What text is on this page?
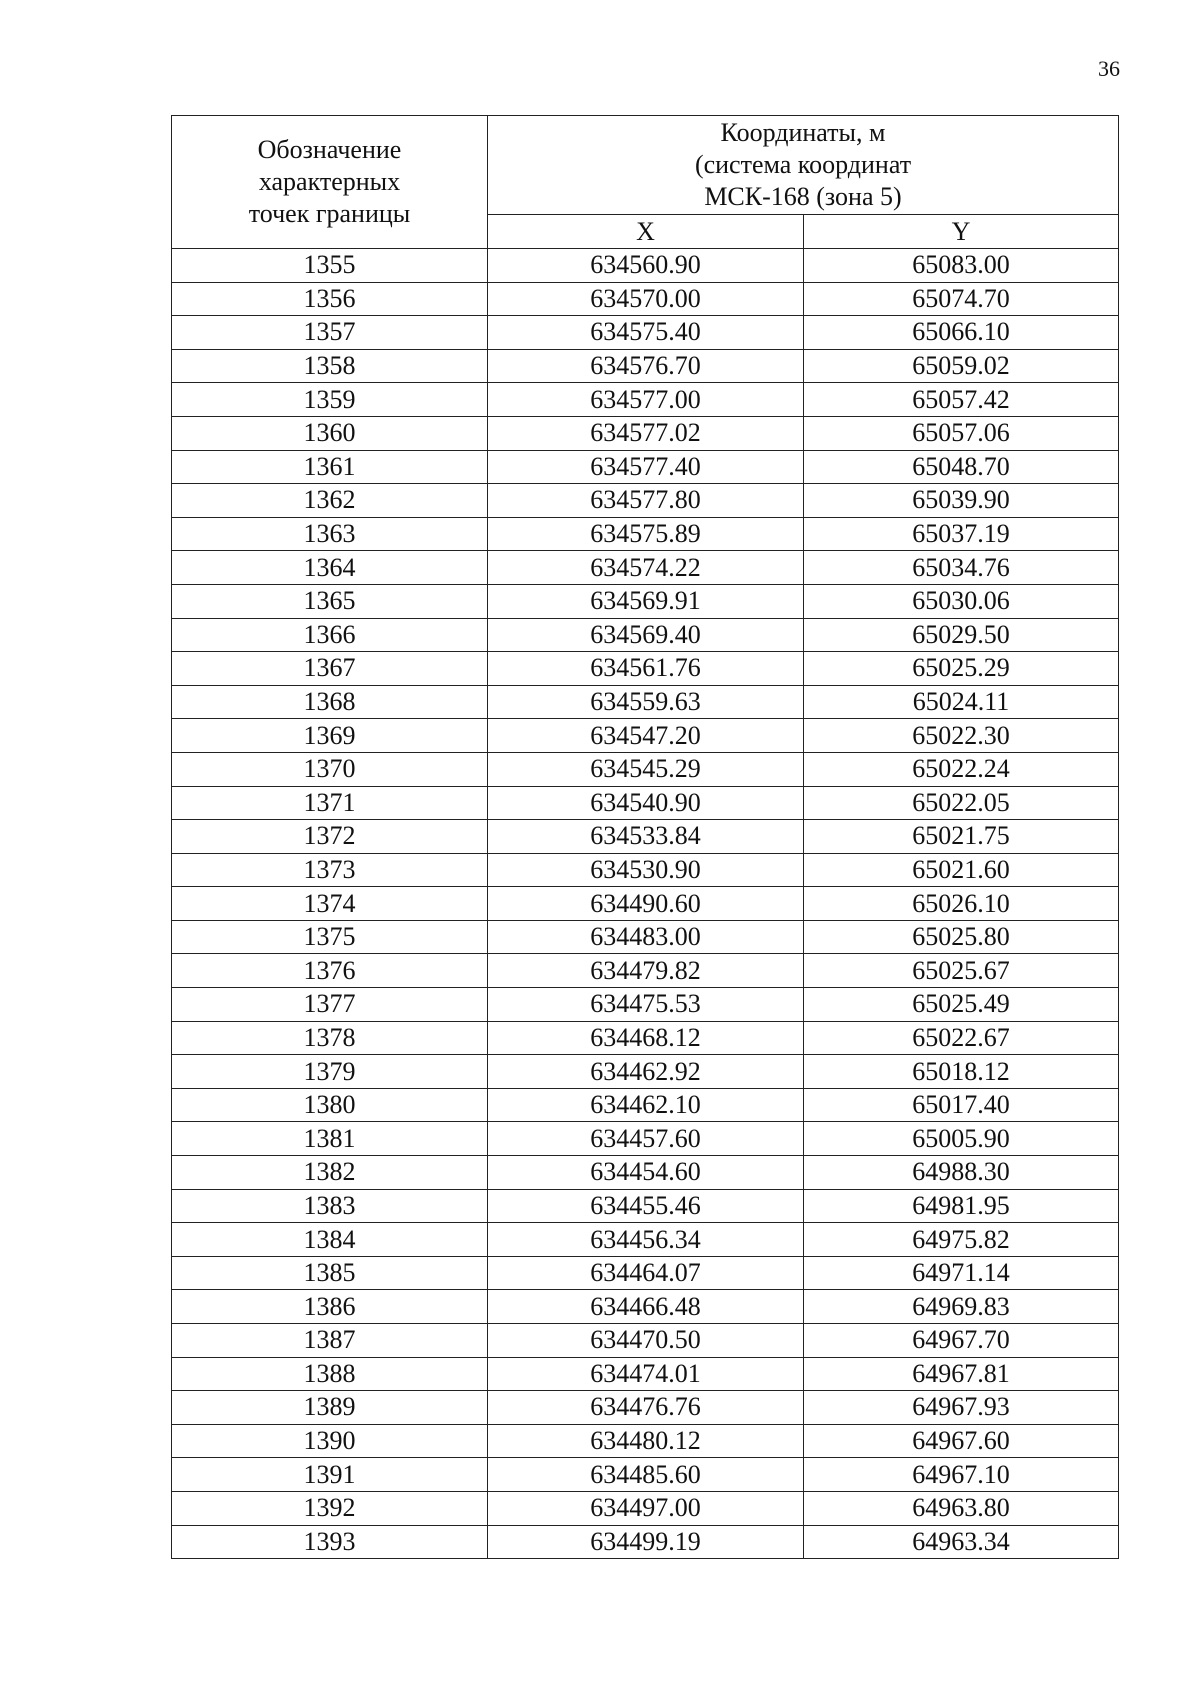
36
Обозначение
характерных
точек границы	Координаты, м
(система координат
МСК-168 (зона 5)	

	X	Y
1355	634560.90	65083.00
1356	634570.00	65074.70
1357	634575.40	65066.10
1358	634576.70	65059.02
1359	634577.00	65057.42
1360	634577.02	65057.06
1361	634577.40	65048.70
1362	634577.80	65039.90
1363	634575.89	65037.19
1364	634574.22	65034.76
1365	634569.91	65030.06
1366	634569.40	65029.50
1367	634561.76	65025.29
1368	634559.63	65024.11
1369	634547.20	65022.30
1370	634545.29	65022.24
1371	634540.90	65022.05
1372	634533.84	65021.75
1373	634530.90	65021.60
1374	634490.60	65026.10
1375	634483.00	65025.80
1376	634479.82	65025.67
1377	634475.53	65025.49
1378	634468.12	65022.67
1379	634462.92	65018.12
1380	634462.10	65017.40
1381	634457.60	65005.90
1382	634454.60	64988.30
1383	634455.46	64981.95
1384	634456.34	64975.82
1385	634464.07	64971.14
1386	634466.48	64969.83
1387	634470.50	64967.70
1388	634474.01	64967.81
1389	634476.76	64967.93
1390	634480.12	64967.60
1391	634485.60	64967.10
1392	634497.00	64963.80
1393	634499.19	64963.34
